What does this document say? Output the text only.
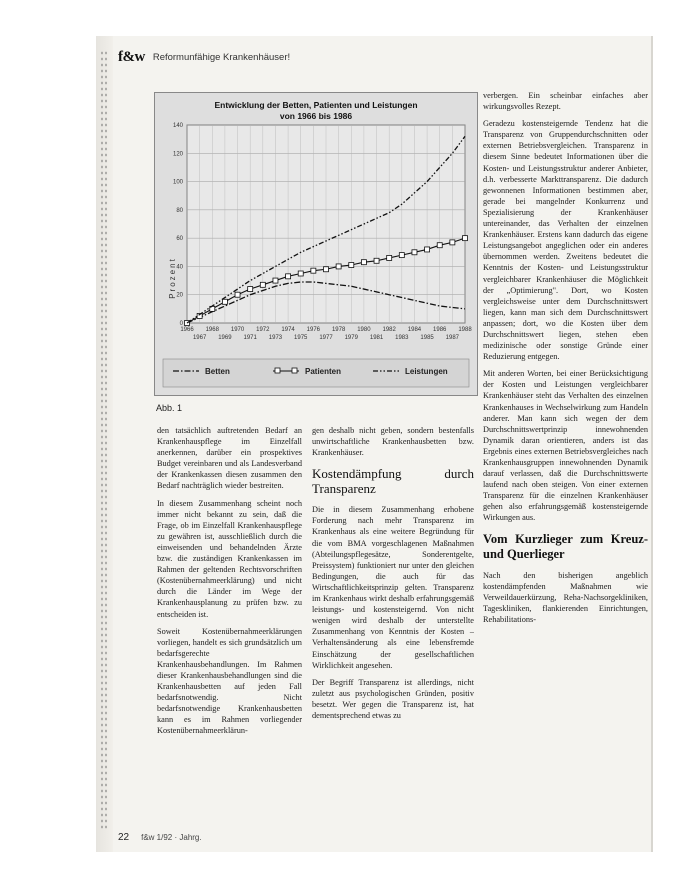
f&w Reformunfähige Krankenhäuser!
Entwicklung der Betten, Patienten und Leistungen
von 1966 bis 1986
Prozent
0
20
40
60
80
100
120
140
1966 1968 1970 1972 1974 1976 1978 1980 1982 1984 1986 1988
1967 1969 1971 1973 1975 1977 1979 1981 1983 1985 1987
Betten	Patienten	Leistungen
Abb. 1

den tatsächlich auftretenden Bedarf an Krankenhauspflege im Einzelfall anerkennen, darüber ein prospektives Budget vereinbaren und als Landesverband der Krankenkassen diesen zusammen den Bedarf nachträglich wieder bestreiten.

In diesem Zusammenhang scheint noch immer nicht bekannt zu sein, daß die Frage, ob im Einzelfall Krankenhauspflege zu gewähren ist, ausschließlich durch die einweisenden und behandelnden Ärzte bzw. die zuständigen Krankenkassen im Rahmen der geltenden Rechtsvorschriften (Kostenübernahmeerklärung) und nicht durch die Länder im Wege der Krankenhausplanung zu prüfen bzw. zu entscheiden ist.

Soweit Kostenübernahmeerklärungen vorliegen, handelt es sich grundsätzlich um bedarfsgerechte Krankenhausbehandlungen. Im Rahmen dieser Krankenhausbehandlungen sind die Krankenhausbetten auf jeden Fall bedarfsnotwendig. Nicht bedarfsnotwendige Krankenhausbetten kann es im Rahmen vorliegender Kostenübernahmeerklärun-

gen deshalb nicht geben, sondern bestenfalls unwirtschaftliche Krankenhausbetten bzw. Krankenhäuser.

Kostendämpfung durch Transparenz

Die in diesem Zusammenhang erhobene Forderung nach mehr Transparenz im Krankenhaus als eine weitere Begründung für die vom BMA vorgeschlagenen Maßnahmen (Abteilungspflegesätze, Sonderentgelte, Preissystem) funktioniert nur unter den gleichen Bedingungen, die auch für das Wirtschaftlichkeitsprinzip gelten. Transparenz im Krankenhaus wirkt deshalb erfahrungsgemäß leistungs- und kostensteigernd. Von nicht wenigen wird deshalb der unterstellte Zusammenhang von Kenntnis der Kosten – Verhaltensänderung als eine lebensfremde Einschätzung der gesellschaftlichen Wirklichkeit angesehen.

Der Begriff Transparenz ist allerdings, nicht zuletzt aus psychologischen Gründen, positiv besetzt. Wer gegen die Transparenz ist, hat dementsprechend etwas zu

verbergen. Ein scheinbar einfaches aber wirkungsvolles Rezept.

Geradezu kostensteigernde Tendenz hat die Transparenz von Gruppendurchschnitten oder externen Betriebsvergleichen. Transparenz in diesem Sinne bedeutet Informationen über die Kosten- und Leistungsstruktur anderer Anbieter, d.h. verbesserte Markttransparenz. Die dadurch gewonnenen Informationen bestimmen aber, gerade bei mangelnder Konkurrenz und Spezialisierung der Krankenhäuser untereinander, das Verhalten der einzelnen Krankenhäuser. Erstens kann dadurch das eigene Leistungsangebot angeglichen oder ein anderes übernommen werden. Zweitens bedeutet die Kenntnis der Kosten- und Leistungsstruktur vergleichbarer Krankenhäuser die Möglichkeit der „Optimierung". Dort, wo Kosten vergleichsweise unter dem Durchschnittswert liegen, kann man sich dem Durchschnittswert anpassen; dort, wo die Kosten über dem Durchschnittswert liegen, stehen eben medizinische oder sonstige Gründe einer Reduzierung entgegen.

Mit anderen Worten, bei einer Berücksichtigung der Kosten und Leistungen vergleichbarer Krankenhäuser steht das Verhalten des einzelnen Krankenhauses in Wechselwirkung zum Handeln anderer. Man kann sich wegen der dem Durchschnittswertprinzip innewohnenden Dynamik daran orientieren, anders ist das Ergebnis eines externen Betriebsvergleiches nach Krankenhausgruppen innewohnenden Dynamik darauf verlassen, daß die Durchschnittswerte laufend nach oben steigen. Von einer externen Transparenz für die einzelnen Krankenhäuser gehen also erfahrungsgemäß kostensteigernde Wirkungen aus.

Vom Kurzlieger zum Kreuz- und Querlieger

Nach den bisherigen angeblich kostendämpfenden Maßnahmen wie Verweildauerkürzung, Reha-Nachsorgekliniken, Tageskliniken, flankierenden Einrichtungen, Rehabilitations-

22 f&w 1/92 · Jahrg.
